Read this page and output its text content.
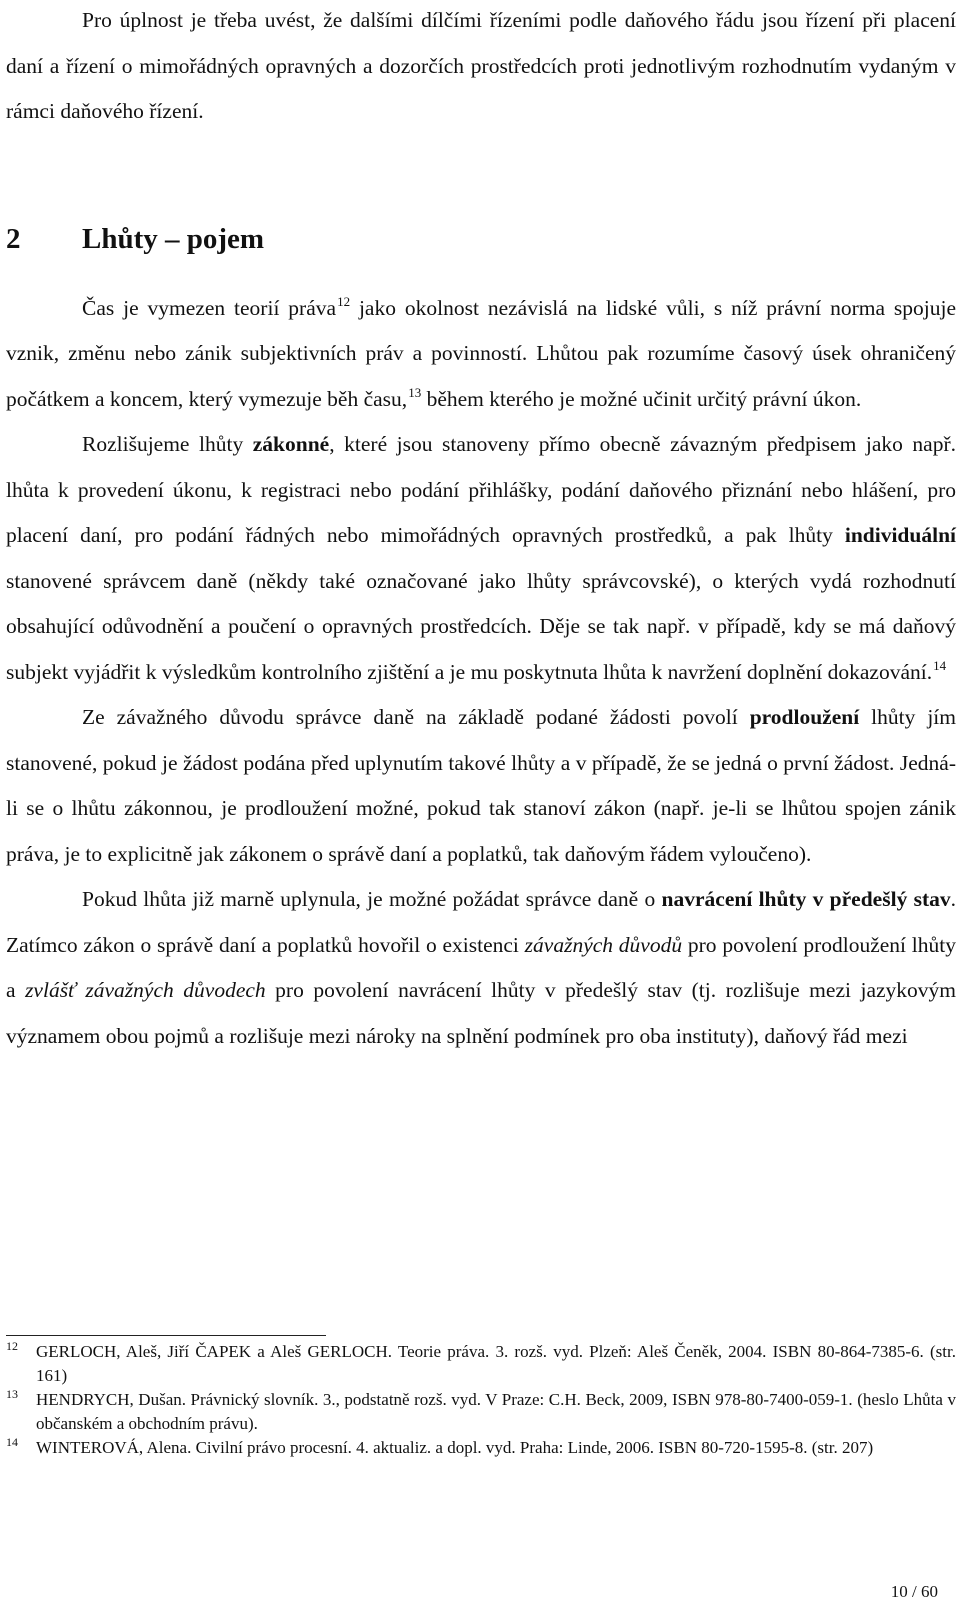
Pro úplnost je třeba uvést, že dalšími dílčími řízeními podle daňového řádu jsou řízení při placení daní a řízení o mimořádných opravných a dozorčích prostředcích proti jednotlivým rozhodnutím vydaným v rámci daňového řízení.

2 Lhůty – pojem

Čas je vymezen teorií práva$^{12}$ jako okolnost nezávislá na lidské vůli, s níž právní norma spojuje vznik, změnu nebo zánik subjektivních práv a povinností. Lhůtou pak rozumíme časový úsek ohraničený počátkem a koncem, který vymezuje běh času,$^{13}$ během kterého je možné učinit určitý právní úkon.

Rozlišujeme lhůty zákonné, které jsou stanoveny přímo obecně závazným předpisem jako např. lhůta k provedení úkonu, k registraci nebo podání přihlášky, podání daňového přiznání nebo hlášení, pro placení daní, pro podání řádných nebo mimořádných opravných prostředků, a pak lhůty individuální stanovené správcem daně (někdy také označované jako lhůty správcovské), o kterých vydá rozhodnutí obsahující odůvodnění a poučení o opravných prostředcích. Děje se tak např. v případě, kdy se má daňový subjekt vyjádřit k výsledkům kontrolního zjištění a je mu poskytnuta lhůta k navržení doplnění dokazování.$^{14}$

Ze závažného důvodu správce daně na základě podané žádosti povolí prodloužení lhůty jím stanovené, pokud je žádost podána před uplynutím takové lhůty a v případě, že se jedná o první žádost. Jedná-li se o lhůtu zákonnou, je prodloužení možné, pokud tak stanoví zákon (např. je-li se lhůtou spojen zánik práva, je to explicitně jak zákonem o správě daní a poplatků, tak daňovým řádem vyloučeno).

Pokud lhůta již marně uplynula, je možné požádat správce daně o navrácení lhůty v předešlý stav. Zatímco zákon o správě daní a poplatků hovořil o existenci závažných důvodů pro povolení prodloužení lhůty a zvlášť závažných důvodech pro povolení navrácení lhůty v předešlý stav (tj. rozlišuje mezi jazykovým významem obou pojmů a rozlišuje mezi nároky na splnění podmínek pro oba instituty), daňový řád mezi

12 GERLOCH, Aleš, Jiří ČAPEK a Aleš GERLOCH. Teorie práva. 3. rozš. vyd. Plzeň: Aleš Čeněk, 2004. ISBN 80-864-7385-6. (str. 161)
13 HENDRYCH, Dušan. Právnický slovník. 3., podstatně rozš. vyd. V Praze: C.H. Beck, 2009, ISBN 978-80-7400-059-1. (heslo Lhůta v občanském a obchodním právu).
14 WINTEROVÁ, Alena. Civilní právo procesní. 4. aktualiz. a dopl. vyd. Praha: Linde, 2006. ISBN 80-720-1595-8. (str. 207)
10 / 60
